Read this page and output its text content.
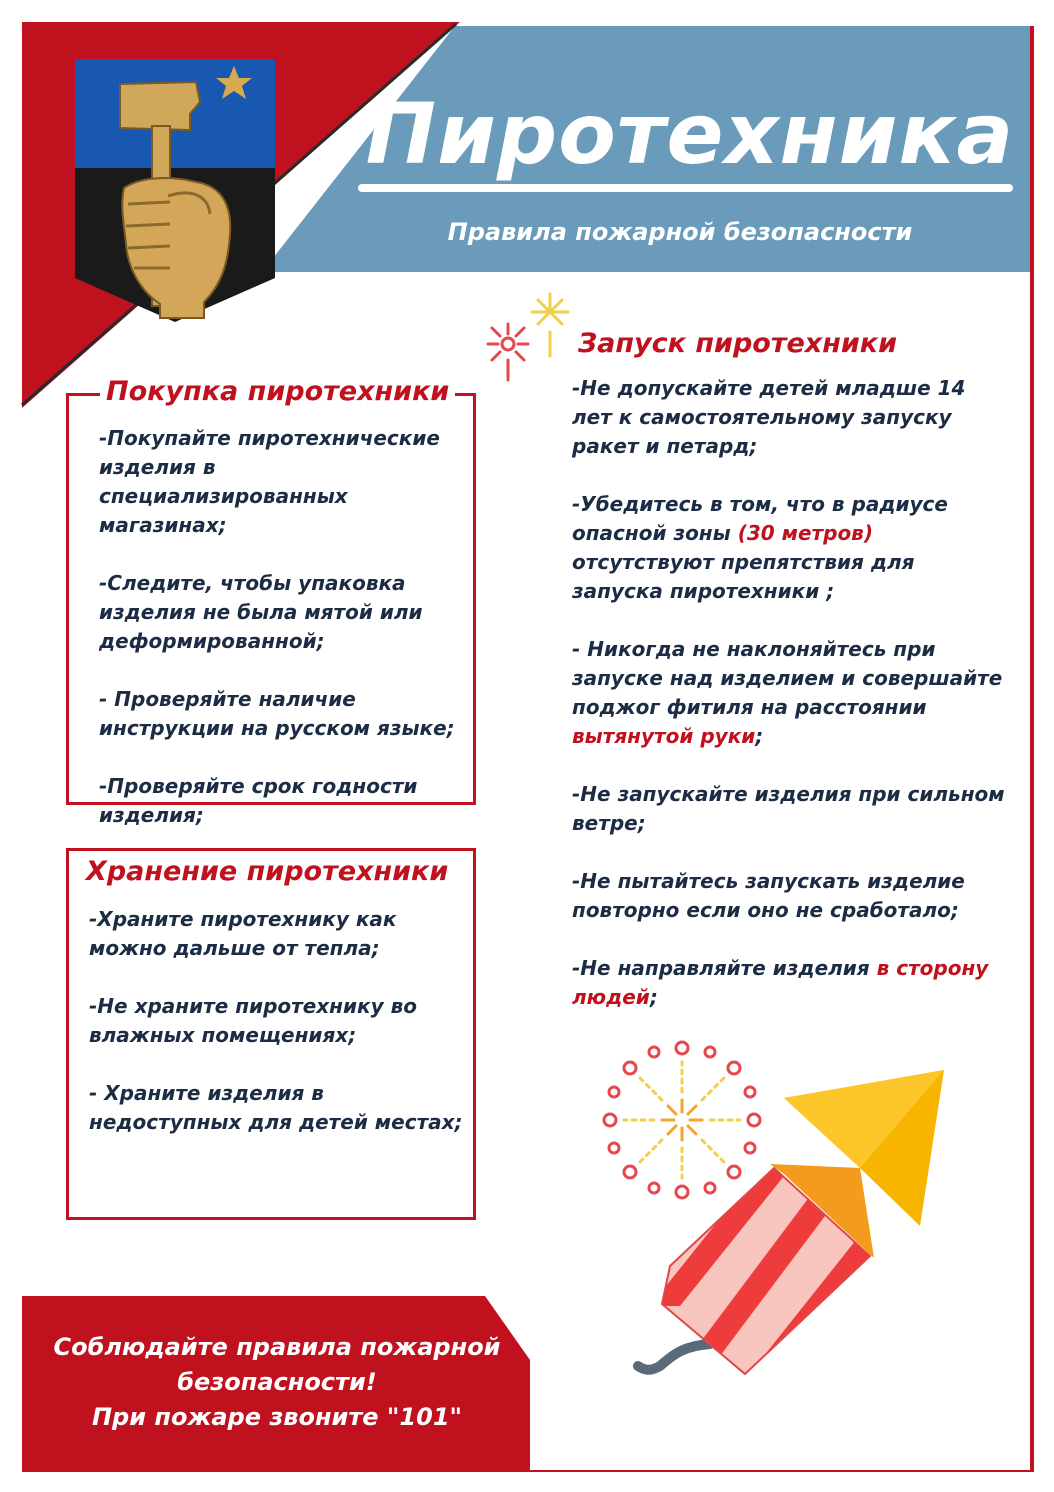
Пиротехника
Правила пожарной безопасности

-Покупайте пиротехнические изделия в специализированных магазинах;

-Следите, чтобы упаковка изделия не была мятой или деформированной;

- Проверяйте наличие инструкции на русском языке;

-Проверяйте срок годности изделия;

Покупка пиротехники

-Храните пиротехнику как можно дальше от тепла;

-Не храните пиротехнику во влажных помещениях;

- Храните изделия в недоступных для детей местах;

Хранение пиротехники
Запуск пиротехники

-Не допускайте детей младше 14 лет к самостоятельному запуску ракет и петард;

-Убедитесь в том, что в радиусе опасной зоны (30 метров) отсутствуют препятствия для запуска пиротехники ;

- Никогда не наклоняйтесь при запуске над изделием и совершайте поджог фитиля на расстоянии вытянутой руки;

-Не запускайте изделия при сильном ветре;

-Не пытайтесь запускать изделие повторно если оно не сработало;

-Не направляйте изделия в сторону людей;

Соблюдайте правила пожарной безопасности!
При пожаре звоните "101"
